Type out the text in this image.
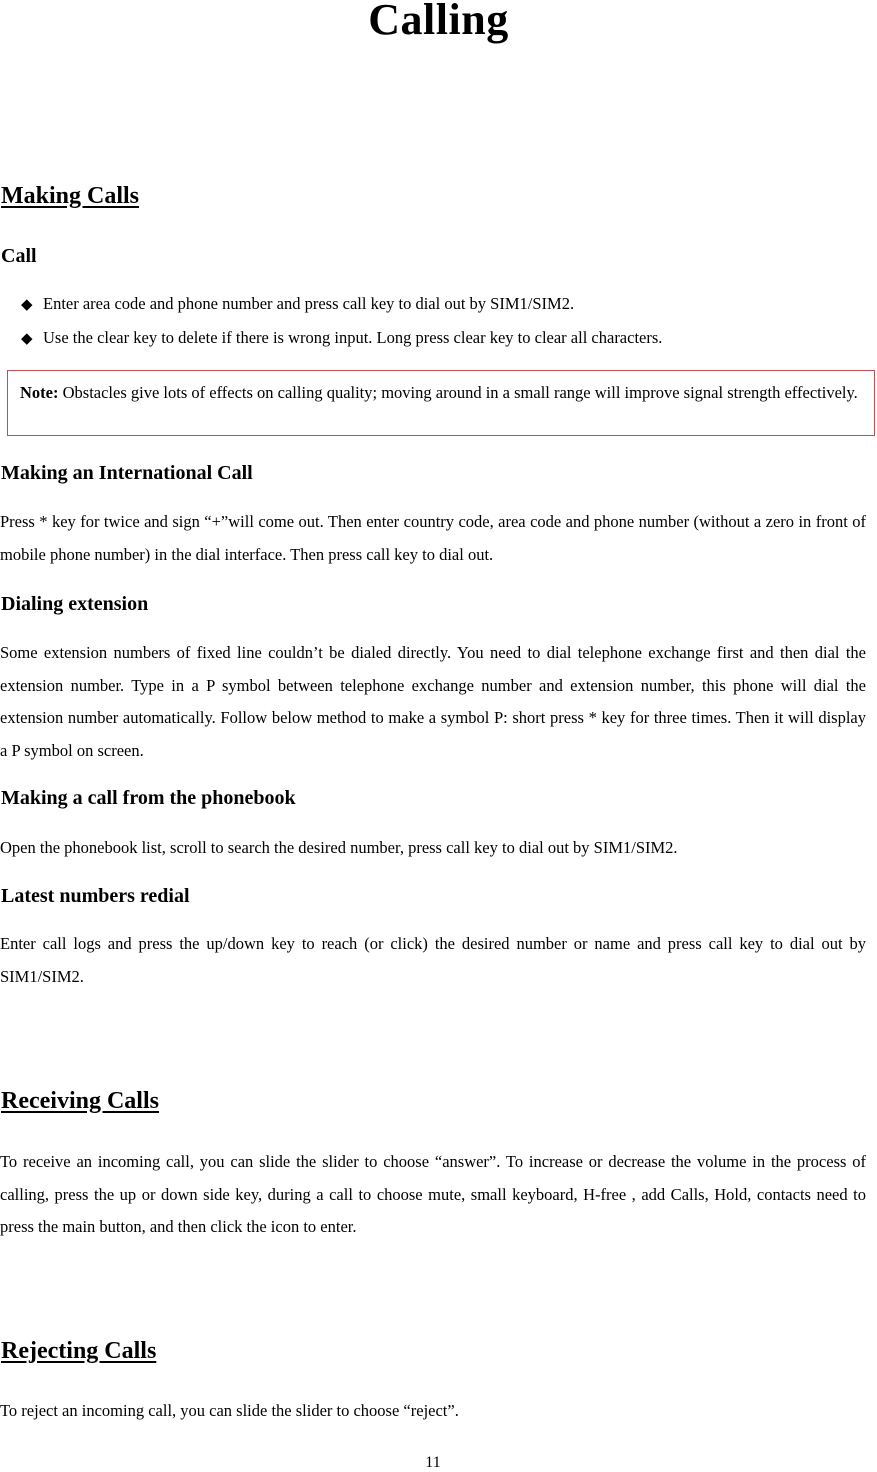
Calling
Making Calls
Call
◆ Enter area code and phone number and press call key to dial out by SIM1/SIM2.
◆ Use the clear key to delete if there is wrong input. Long press clear key to clear all characters.
Note: Obstacles give lots of effects on calling quality; moving around in a small range will improve signal strength effectively.
Making an International Call
Press * key for twice and sign “+”will come out. Then enter country code, area code and phone number (without a zero in front of mobile phone number) in the dial interface. Then press call key to dial out.
Dialing extension
Some extension numbers of fixed line couldn’t be dialed directly. You need to dial telephone exchange first and then dial the extension number. Type in a P symbol between telephone exchange number and extension number, this phone will dial the extension number automatically. Follow below method to make a symbol P: short press * key for three times. Then it will display a P symbol on screen.
Making a call from the phonebook
Open the phonebook list, scroll to search the desired number, press call key to dial out by SIM1/SIM2.
Latest numbers redial
Enter call logs and press the up/down key to reach (or click) the desired number or name and press call key to dial out by SIM1/SIM2.
Receiving Calls
To receive an incoming call, you can slide the slider to choose “answer”. To increase or decrease the volume in the process of calling, press the up or down side key, during a call to choose mute, small keyboard, H-free , add Calls, Hold, contacts need to press the main button, and then click the icon to enter.
Rejecting Calls
To reject an incoming call, you can slide the slider to choose “reject”.
11
